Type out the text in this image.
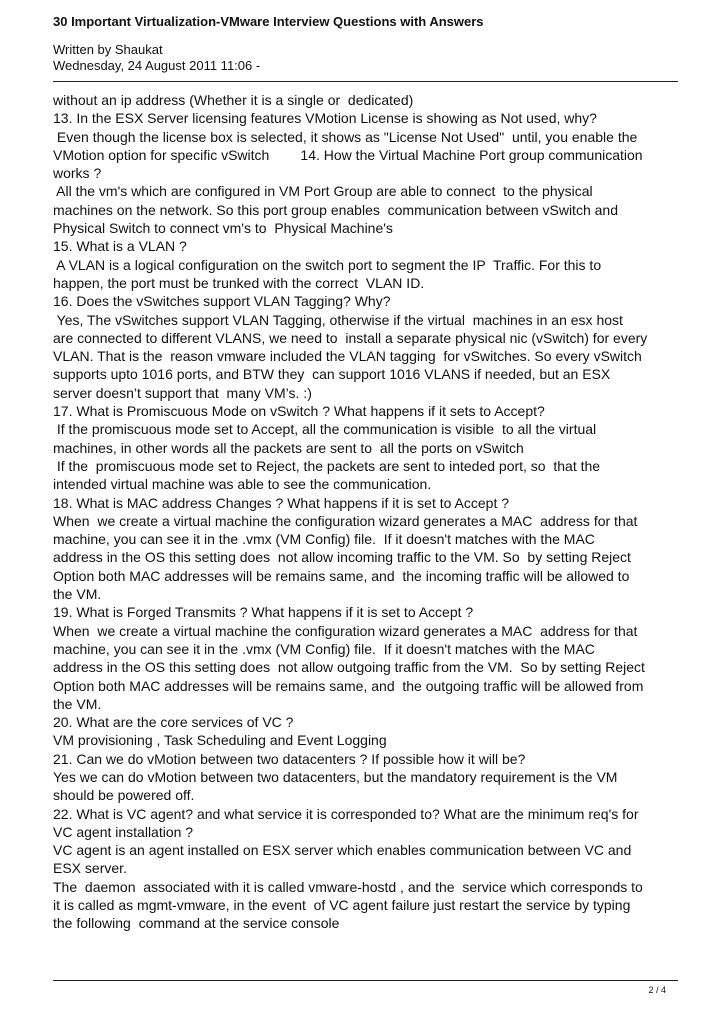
30 Important Virtualization-VMware Interview Questions with Answers
Written by Shaukat
Wednesday, 24 August 2011 11:06 -
without an ip address (Whether it is a single or  dedicated)
13. In the ESX Server licensing features VMotion License is showing as Not used, why?
Even though the license box is selected, it shows as "License Not Used"  until, you enable the
VMotion option for specific vSwitch        14. How the Virtual Machine Port group communication
works ?
All the vm's which are configured in VM Port Group are able to connect  to the physical
machines on the network. So this port group enables  communication between vSwitch and
Physical Switch to connect vm's to  Physical Machine's
15. What is a VLAN ?
A VLAN is a logical configuration on the switch port to segment the IP  Traffic. For this to
happen, the port must be trunked with the correct  VLAN ID.
16. Does the vSwitches support VLAN Tagging? Why?
Yes, The vSwitches support VLAN Tagging, otherwise if the virtual  machines in an esx host
are connected to different VLANS, we need to  install a separate physical nic (vSwitch) for every
VLAN. That is the  reason vmware included the VLAN tagging  for vSwitches. So every vSwitch
supports upto 1016 ports, and BTW they  can support 1016 VLANS if needed, but an ESX
server doesn’t support that  many VM’s. :)
17. What is Promiscuous Mode on vSwitch ? What happens if it sets to Accept?
If the promiscuous mode set to Accept, all the communication is visible  to all the virtual
machines, in other words all the packets are sent to  all the ports on vSwitch
If the  promiscuous mode set to Reject, the packets are sent to inteded port, so  that the
intended virtual machine was able to see the communication.
18. What is MAC address Changes ? What happens if it is set to Accept ?
When  we create a virtual machine the configuration wizard generates a MAC  address for that
machine, you can see it in the .vmx (VM Config) file.  If it doesn't matches with the MAC
address in the OS this setting does  not allow incoming traffic to the VM. So  by setting Reject
Option both MAC addresses will be remains same, and  the incoming traffic will be allowed to
the VM.
19. What is Forged Transmits ? What happens if it is set to Accept ?
When  we create a virtual machine the configuration wizard generates a MAC  address for that
machine, you can see it in the .vmx (VM Config) file.  If it doesn't matches with the MAC
address in the OS this setting does  not allow outgoing traffic from the VM.  So by setting Reject
Option both MAC addresses will be remains same, and  the outgoing traffic will be allowed from
the VM.
20. What are the core services of VC ?
VM provisioning , Task Scheduling and Event Logging
21. Can we do vMotion between two datacenters ? If possible how it will be?
Yes we can do vMotion between two datacenters, but the mandatory requirement is the VM
should be powered off.
22. What is VC agent? and what service it is corresponded to? What are the minimum req's for
VC agent installation ?
VC agent is an agent installed on ESX server which enables communication between VC and
ESX server.
The  daemon  associated with it is called vmware-hostd , and the  service which corresponds to
it is called as mgmt-vmware, in the event  of VC agent failure just restart the service by typing
the following  command at the service console
2 / 4
